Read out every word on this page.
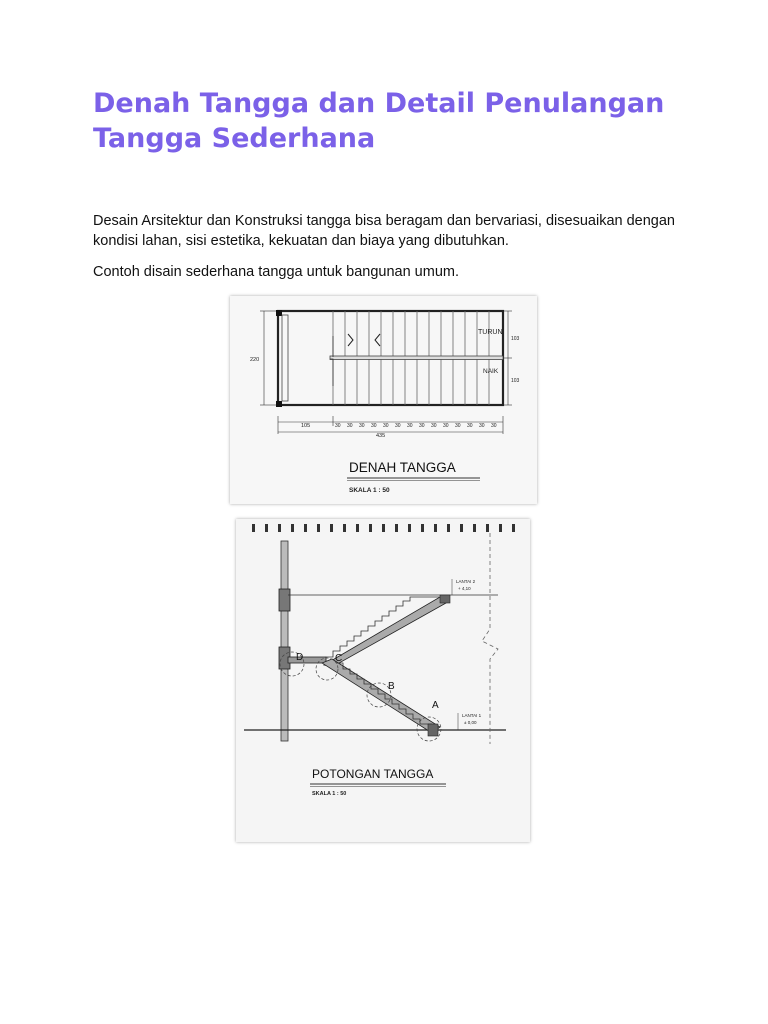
Denah Tangga dan Detail Penulangan
Tangga Sederhana
Desain Arsitektur dan Konstruksi tangga bisa beragam dan bervariasi, disesuaikan dengan kondisi lahan, sisi estetika, kekuatan dan biaya yang dibutuhkan.
Contoh disain sederhana tangga untuk bangunan umum.
TURUN
NAIK
103
103
220
105	30 30 30 30 30 30 30 30 30 30 30 30 30 30
435
DENAH TANGGA
SKALA 1 : 50
D	C
B
A
LANTAI 2
+ 4,10
LANTAI 1
± 0,00
POTONGAN TANGGA
SKALA 1 : 50
